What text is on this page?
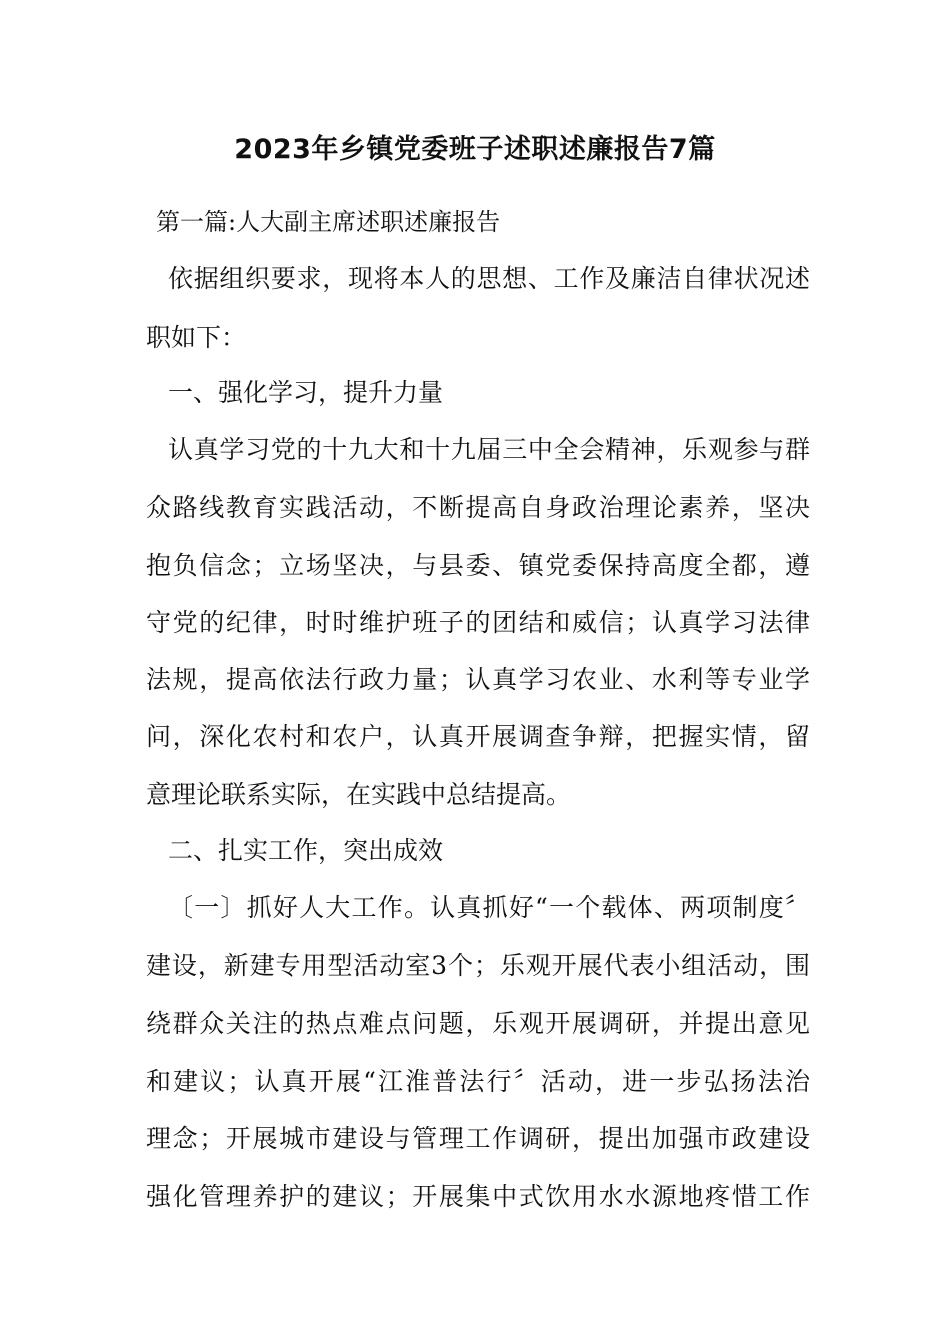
2023年乡镇党委班子述职述廉报告7篇
第一篇:人大副主席述职述廉报告
依据组织要求，现将本人的思想、工作及廉洁自律状况述
职如下：
一、强化学习，提升力量
认真学习党的十九大和十九届三中全会精神，乐观参与群
众路线教育实践活动，不断提高自身政治理论素养，坚决
抱负信念；立场坚决，与县委、镇党委保持高度全都，遵
守党的纪律，时时维护班子的团结和威信；认真学习法律
法规，提高依法行政力量；认真学习农业、水利等专业学
问，深化农村和农户，认真开展调查争辩，把握实情，留
意理论联系实际，在实践中总结提高。
二、扎实工作，突出成效
〔一〕抓好人大工作。认真抓好“一个载体、两项制度〞
建设，新建专用型活动室3个；乐观开展代表小组活动，围
绕群众关注的热点难点问题，乐观开展调研，并提出意见
和建议；认真开展“江淮普法行〞活动，进一步弘扬法治
理念；开展城市建设与管理工作调研，提出加强市政建设
强化管理养护的建议；开展集中式饮用水水源地疼惜工作
